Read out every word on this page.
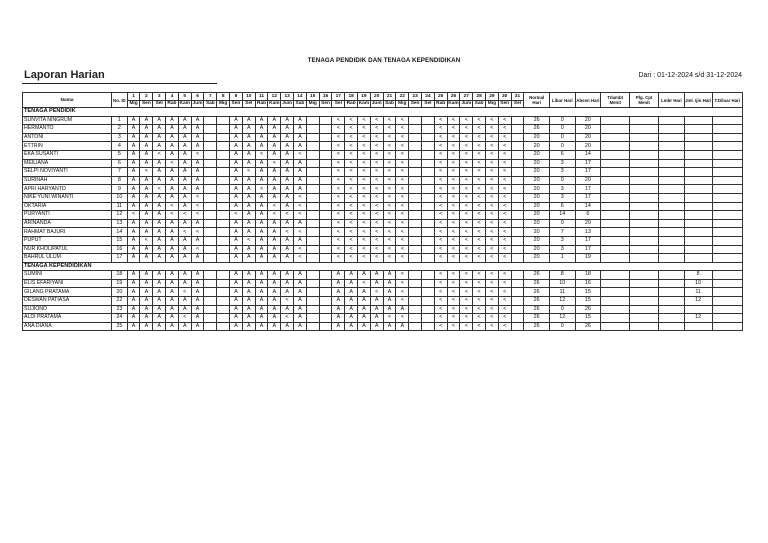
TENAGA PENDIDIK DAN TENAGA KEPENDIDIKAN
Laporan Harian	Dari : 01-12-2024 s/d 31-12-2024
Nama	No. ID	1	2	3	4	5	6	7	8	9	10	11	12	13	14	15	16	17	18	19	20	21	22	23	24	25	26	27	28	29	30	31	Normal Hari	Libur Hari	Absen Hari	Trlambt Menit	Plg. Cpt Menit	Lmbr Hari	Jml. Ijin Hari	T.Diluar Hari
		Mig	Sen	Sel	Rab	Kam	Jum	Sab	Mig	Sen	Sel	Rab	Kam	Jum	Sab	Mig	Sen	Sel	Rab	Kam	Jum	Sab	Mig	Sen	Sel	Rab	Kam	Jum	Sab	Mig	Sen	Sel								
TENAGA PENDIDIK																																								
SUNVITA NINGRUM	1	A	A	A	A	A	A			A	A	A	A	A	A			<	<	<	<	<	<			<	<	<	<	<	<		26	0	20					
HERMANTO	2	A	A	A	A	A	A			A	A	A	A	A	A			<	<	<	<	<	<			<	<	<	<	<	<		26	0	20					
ANTONI	3	A	A	A	A	A	A			A	A	A	A	A	A			<	<	<	<	<	<			<	<	<	<	<	<		20	0	20					
ETTRIN	4	A	A	A	A	A	A			A	A	A	A	A	A			<	<	<	<	<	<			<	<	<	<	<	<		20	0	20					
EKA SUSANTI	5	A	A	<	A	A	<			A	A	<	A	A	<			<	<	<	<	<	<			<	<	<	<	<	<		20	6	14					
MEILIANA	6	A	A	A	<	A	A			A	A	A	<	A	A			<	<	<	<	<	<			<	<	<	<	<	<		20	3	17					
SELPI NOVIYANTI	7	A	<	A	A	A	A			A	<	A	A	A	A			<	<	<	<	<	<			<	<	<	<	<	<		20	3	17					
SURINAH	8	A	A	A	A	A	A			A	A	A	A	A	A			<	<	<	<	<	<			<	<	<	<	<	<		20	0	20					
APRI HARYANTO	9	A	A	<	A	A	A			A	A	<	A	A	A			<	<	<	<	<	<			<	<	<	<	<	<		20	3	17					
NIKE YUNI WINANTI	10	A	A	A	A	A	<			A	A	A	A	A	<			<	<	<	<	<	<			<	<	<	<	<	<		20	3	17					
OKTARIA	11	A	A	A	<	A	<			A	A	A	<	A	<			<	<	<	<	<	<			<	<	<	<	<	<		20	6	14					
PURYANTI	12	<	A	A	<	<	<			<	A	A	<	<	<			<	<	<	<	<	<			<	<	<	<	<	<		20	14	6					
ARINANDA	13	A	A	A	A	A	A			A	A	A	A	A	A			<	<	<	<	<	<			<	<	<	<	<	<		20	0	20					
RAHMAT BAJURI	14	A	A	A	A	<	<			A	A	A	A	<	<			<	<	<	<	<	<			<	<	<	<	<	<		20	7	13					
PUPUT	15	A	<	A	A	A	A			A	<	A	A	A	A			<	<	<	<	<	<			<	<	<	<	<	<		20	3	17					
NUR KHOLIPATUL	16	A	A	A	A	A	<			A	A	A	A	A	<			<	<	<	<	<	<			<	<	<	<	<	<		20	3	17					
BAHRUL ULUM	17	A	A	A	A	A	A			A	A	A	A	A	<			<	<	<	<	<	<			<	<	<	<	<	<		20	1	19					
TENAGA KEPENDIDIKAN																																								
SUMINI	18	A	A	A	A	A	A			A	A	A	A	A	A			A	A	A	A	A	<			<	<	<	<	<	<		26	8	18				8	
ELIS EFARIYANI	19	A	A	A	A	A	A			A	A	A	A	A	A			A	A	<	A	A	<			<	<	<	<	<	<		26	10	16				10	
GILANG PRATAMA	20	A	A	A	A	<	A			A	A	A	A	A	A			A	A	A	<	A	<			<	<	<	<	<	<		26	11	15				11	
DESWAN PATIASA	22	A	A	A	A	A	A			A	A	A	A	<	A			A	A	A	A	A	<			<	<	<	<	<	<		26	12	15				12	
SUJIONO	23	A	A	A	A	A	A			A	A	A	A	A	A			A	A	A	A	A	A			<	<	<	<	<	<		26	0	26					
ALDI PRATAMA	24	A	A	A	A	<	A			A	A	A	A	<	A			A	A	A	A	<	<			<	<	<	<	<	<		26	12	15				12	
ANA DIANA	25	A	A	A	A	A	A			A	A	A	A	A	A			A	A	A	A	A	A			<	<	<	<	<	<		26	0	26					
